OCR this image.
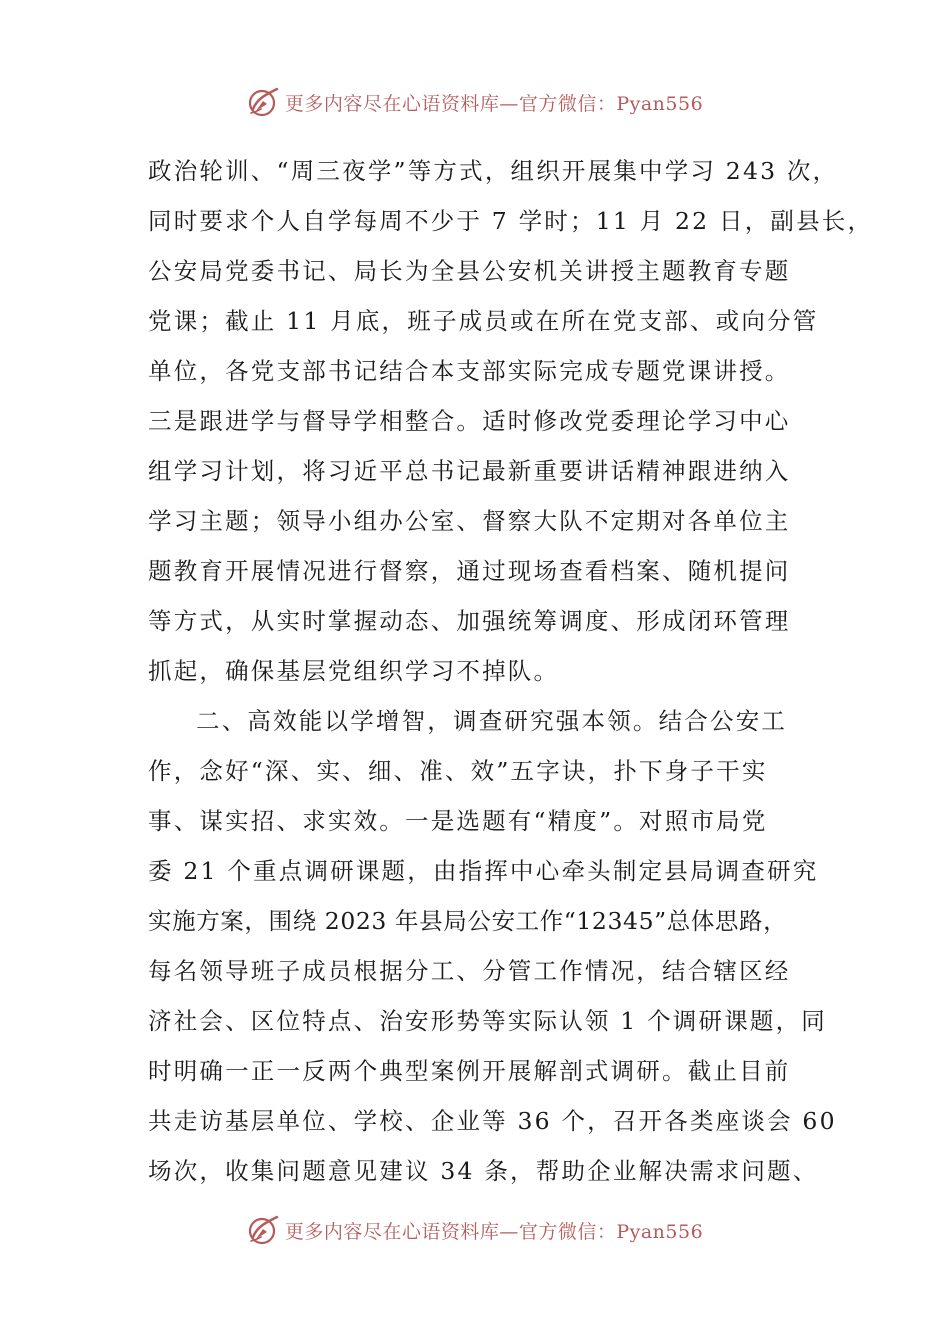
更多内容尽在心语资料库—官方微信：Pyan556
政治轮训、“周三夜学”等方式，组织开展集中学习 243 次，
同时要求个人自学每周不少于 7 学时；11 月 22 日，副县长，
公安局党委书记、局长为全县公安机关讲授主题教育专题
党课；截止 11 月底，班子成员或在所在党支部、或向分管
单位，各党支部书记结合本支部实际完成专题党课讲授。
三是跟进学与督导学相整合。适时修改党委理论学习中心
组学习计划，将习近平总书记最新重要讲话精神跟进纳入
学习主题；领导小组办公室、督察大队不定期对各单位主
题教育开展情况进行督察，通过现场查看档案、随机提问
等方式，从实时掌握动态、加强统筹调度、形成闭环管理
抓起，确保基层党组织学习不掉队。
二、高效能以学增智，调查研究强本领。结合公安工
作，念好“深、实、细、准、效”五字诀，扑下身子干实
事、谋实招、求实效。一是选题有“精度”。对照市局党
委 21 个重点调研课题，由指挥中心牵头制定县局调查研究
实施方案，围绕 2023 年县局公安工作“12345”总体思路，
每名领导班子成员根据分工、分管工作情况，结合辖区经
济社会、区位特点、治安形势等实际认领 1 个调研课题，同
时明确一正一反两个典型案例开展解剖式调研。截止目前
共走访基层单位、学校、企业等 36 个，召开各类座谈会 60
场次，收集问题意见建议 34 条，帮助企业解决需求问题、
更多内容尽在心语资料库—官方微信：Pyan556
